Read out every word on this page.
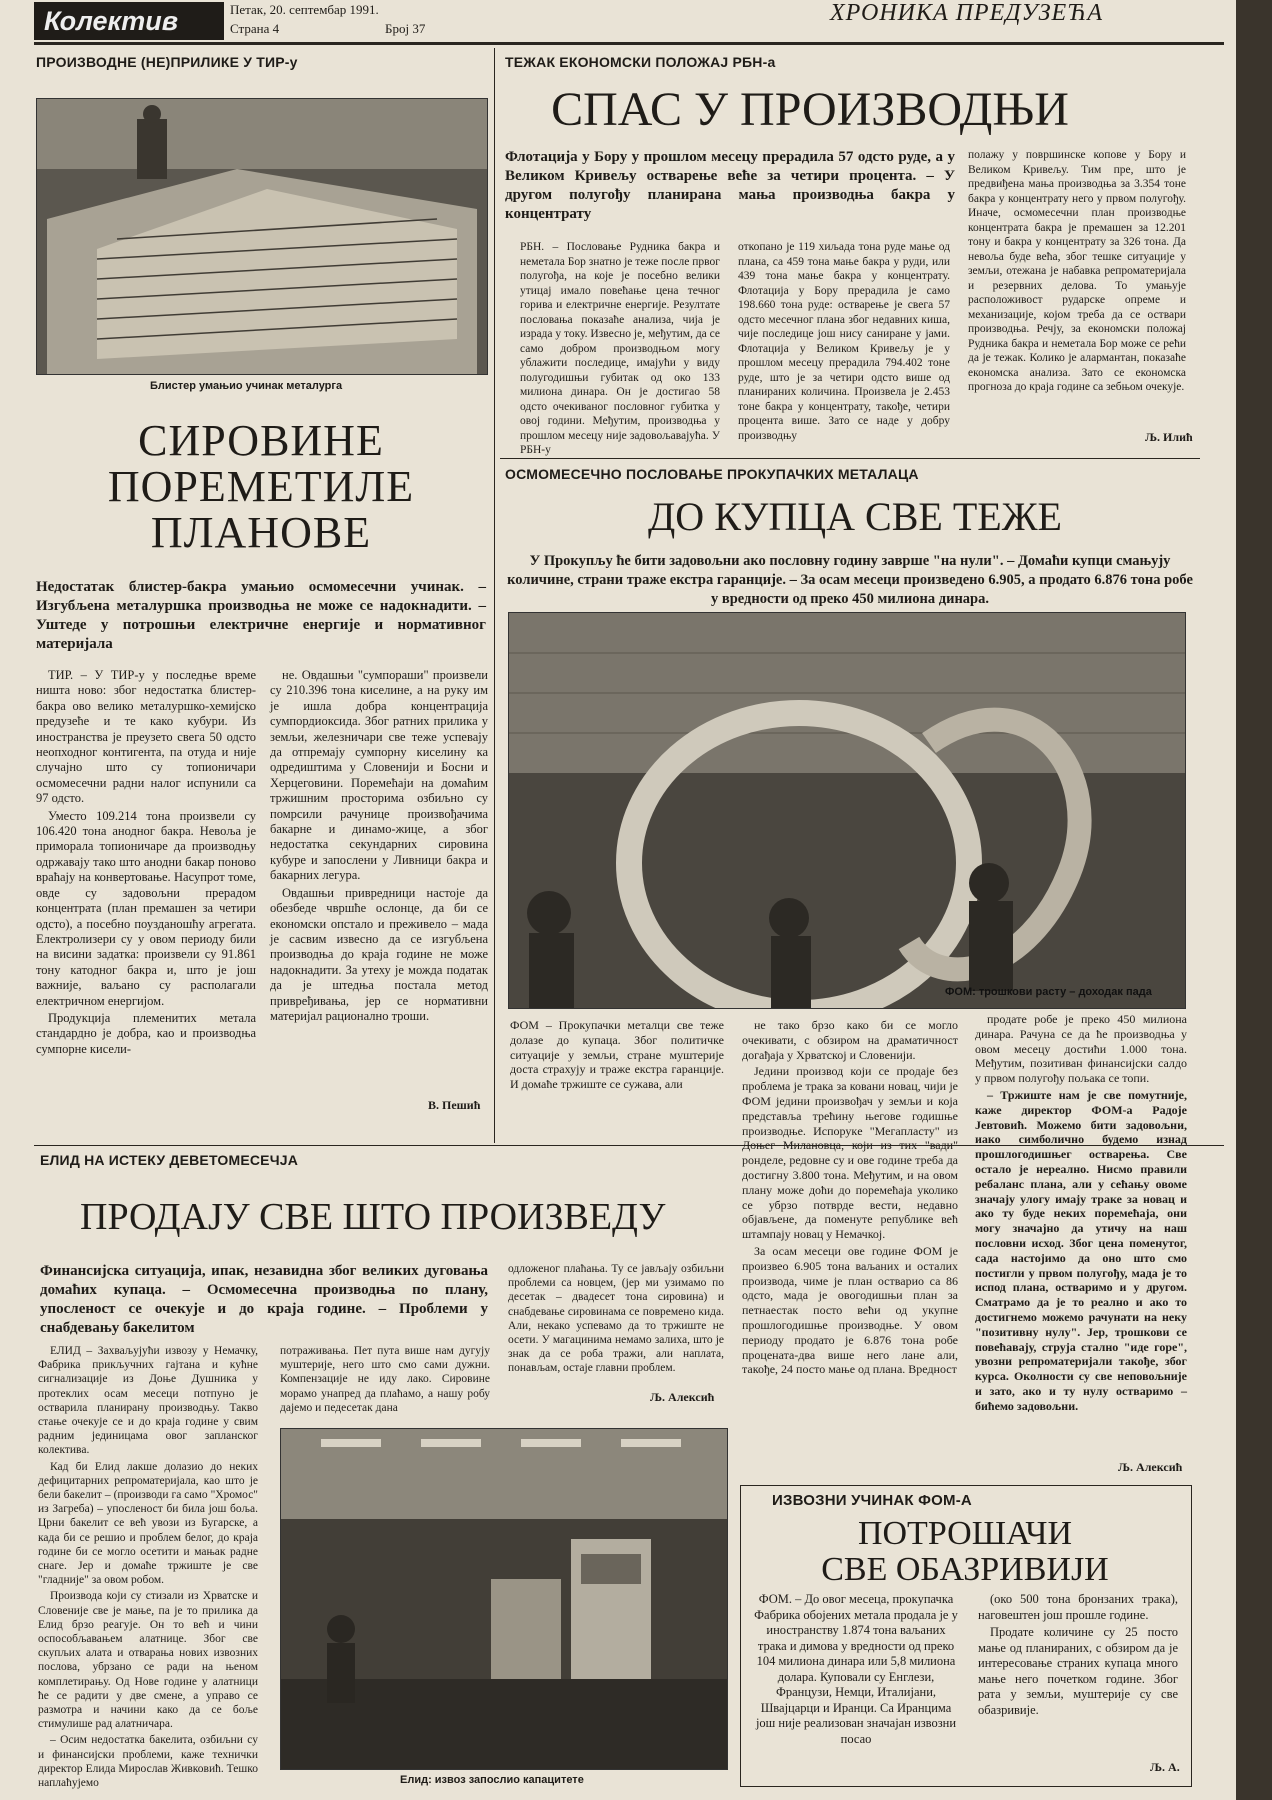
Колектив	Петак, 20. септембар 1991.
Страна 4	Број 37
ХРОНИКА ПРЕДУЗЕЋА
ПРОИЗВОДНЕ (НЕ)ПРИЛИКЕ У ТИР-у
Блистер умањио учинак металурга
СИРОВИНЕ
ПОРЕМЕТИЛЕ
ПЛАНОВЕ
Недостатак блистер-бакра умањио осмомесечни учинак. – Изгубљена металуршка производња не може се надокнадити. – Уштеде у потрошњи електричне енергије и нормативног материјала

ТИР. – У ТИР-у у последње време ништа ново: због недостатка блистер-бакра ово велико металуршко-хемијско предузеће и те како кубури. Из иностранства је преузето свега 50 одсто неопходног контигента, па отуда и није случајно што су топионичари осмомесечни радни налог испунили са 97 одсто.

Уместо 109.214 тона произвели су 106.420 тона анодног бакра. Невоља је приморала топионичаре да производњу одржавају тако што анодни бакар поново враћају на конвертовање. Насупрот томе, овде су задовољни прерадом концентрата (план премашен за четири одсто), а посебно поузданошћу агрегата. Електролизери су у овом периоду били на висини задатка: произвели су 91.861 тону катодног бакра и, што је још важније, ваљано су располагали електричном енергијом.

Продукција племенитих метала стандардно је добра, као и производња сумпорне кисели-

не. Овдашњи "сумпораши" произвели су 210.396 тона киселине, а на руку им је ишла добра концентрација сумпордиоксида. Због ратних прилика у земљи, железничари све теже успевају да отпремају сумпорну киселину ка одредиштима у Словенији и Босни и Херцеговини. Поремећаји на домаћим тржишним просторима озбиљно су помрсили рачунице произвођачима бакарне и динамо-жице, а због недостатка секундарних сировина кубуре и запослени у Ливници бакра и бакарних легура.

Овдашњи привредници настоје да обезбеде чвршће ослонце, да би се економски опстало и преживело – мада је сасвим извесно да се изгубљена производња до краја године не може надокнадити. За утеху је можда податак да је штедња постала метод привређивања, јер се нормативни материјал рационално троши.

В. Пешић
ТЕЖАК ЕКОНОМСКИ ПОЛОЖАЈ РБН-а
СПАС У ПРОИЗВОДЊИ
Флотација у Бору у прошлом месецу прерадила 57 одсто руде, а у Великом Кривељу остварење веће за четири процента. – У другом полугођу планирана мања производња бакра у концентрату
РБН. – Пословање Рудника бакра и неметала Бор знатно је теже после првог полугођа, на које је посебно велики утицај имало повећање цена течног горива и електричне енергије. Резултате пословања показаће анализа, чија је израда у току. Извесно је, међутим, да се само добром производњом могу ублажити последице, имајући у виду полугодишњи губитак од око 133 милиона динара. Он је достигао 58 одсто очекиваног пословног губитка у овој години. Међутим, производња у прошлом месецу није задовољавајућа. У РБН-у
откопано је 119 хиљада тона руде мање од плана, са 459 тона мање бакра у руди, или 439 тона мање бакра у концентрату. Флотација у Бору прерадила је само 198.660 тона руде: остварење је свега 57 одсто месечног плана због недавних киша, чије последице још нису саниране у јами. Флотација у Великом Кривељу је у прошлом месецу прерадила 794.402 тоне руде, што је за четири одсто више од планираних количина. Произвела је 2.453 тоне бакра у концентрату, такође, четири процента више. Зато се наде у добру производњу
полажу у површинске копове у Бору и Великом Кривељу. Тим пре, што је предвиђена мања производња за 3.354 тоне бакра у концентрату него у првом полугођу. Иначе, осмомесечни план производње концентрата бакра је премашен за 12.201 тону и бакра у концентрату за 326 тона. Да невоља буде већа, због тешке ситуације у земљи, отежана је набавка репроматеријала и резервних делова. То умањује расположивост рударске опреме и механизације, којом треба да се оствари производња. Речју, за економски положај Рудника бакра и неметала Бор може се рећи да је тежак. Колико је алармантан, показаће економска анализа. Зато се економска прогноза до краја године са зебњом очекује.
Љ. Илић
ОСМОМЕСЕЧНО ПОСЛОВАЊЕ ПРОКУПАЧКИХ МЕТАЛАЦА
ДО КУПЦА СВЕ ТЕЖЕ
У Прокупљу ће бити задовољни ако пословну годину заврше "на нули". – Домаћи купци смањују количине, страни траже екстра гаранције. – За осам месеци произведено 6.905, а продато 6.876 тона робе у вредности од преко 450 милиона динара.
ФОМ: трошкови расту – доходак пада
ФОМ – Прокупачки металци све теже долазе до купаца. Због политичке ситуације у земљи, стране муштерије доста страхују и траже екстра гаранције. И домаће тржиште се сужава, али

не тако брзо како би се могло очекивати, с обзиром на драматичност догађаја у Хрватској и Словенији.

Једини производ који се продаје без проблема је трака за ковани новац, чији је ФОМ једини произвођач у земљи и која представља трећину његове годишње производње. Испорукe "Мегапласту" из Доњег Милановца, који из тих "вади" ронделе, редовне су и ове године треба да достигну 3.800 тона. Међутим, и на овом плану може доћи до поремећаја уколико се убрзо потврде вести, недавно објављене, да поменуте републике већ штампају новац у Немачкој.

За осам месеци ове године ФОМ је произвео 6.905 тона ваљаних и осталих производа, чиме је план остварио са 86 одсто, мада је овогодишњи план за петнаестак посто већи од укупне прошлогодишње производње. У овом периоду продато је 6.876 тона робе процената-два више него лане али, такође, 24 посто мање од плана. Вредност

продате робе је преко 450 милиона динара. Рачуна се да ће производња у овом месецу достићи 1.000 тона. Међутим, позитиван финансијски салдо у првом полугођу пољака се топи.

– Тржиште нам је све помутније, каже директор ФОМ-а Радоје Јевтовић. Можемо бити задовољни, иако симболично будемо изнад прошлогодишњег остварења. Све остало је нереално. Нисмо правили ребаланс плана, али у сећању овоме значају улогу имају траке за новац и ако ту буде неких поремећаја, они могу значајно да утичу на наш пословни исход. Због цена поменутог, сада настојимо да оно што смо постигли у првом полугођу, мада је то испод плана, остваримо и у другом. Сматрамо да је то реално и ако то достигнемо можемо рачунати на неку "позитивну нулу". Јер, трошкови се повећавају, струја стално "иде горе", увозни репроматеријали такође, због курса. Околности су све неповољније и зато, ако и ту нулу остваримо – бићемо задовољни.

Љ. Алексић
ЕЛИД НА ИСТЕКУ ДЕВЕТОМЕСЕЧЈА
ПРОДАЈУ СВЕ ШТО ПРОИЗВЕДУ
Финансијска ситуација, ипак, незавидна због великих дуговања домаћих купаца. – Осмомесечна производња по плану, упосленост се очекује и до краја године. – Проблеми у снабдевању бакелитом

ЕЛИД – Захваљујући извозу у Немачку, Фабрика прикључних гајтана и кућне сигнализације из Доње Душника у протеклих осам месеци потпуно је остварила планирану производњу. Такво стање очекује се и до краја године у свим радним јединицама овог запланског колектива.

Кад би Елид лакше долазио до неких дефицитарних репроматеријала, као што је бели бакелит – (производи га само "Хромос" из Загреба) – упосленост би била још боља. Црни бакелит се већ увози из Бугарске, а када би се решио и проблем белог, до краја године би се могло осетити и мањак радне снаге. Јер и домаће тржиште је све "гладније" за овом робом.

Производа који су стизали из Хрватске и Словеније све је мање, па је то прилика да Елид брзо реагује. Он то већ и чини оспособљавањем алатнице. Због све скупљих алата и отварања нових извозних послова, убрзано се ради на њеном комплетирању. Од Нове године у алатници ће се радити у две смене, а управо се размотра и начини како да се боље стимулише рад алатничара.

– Осим недостатка бакелита, озбиљни су и финансијски проблеми, каже технички директор Елида Мирослав Живковић. Тешко наплаћујемо

потраживања. Пет пута више нам дугују муштерије, него што смо сами дужни. Компензације не иду лако. Сировине морамо унапред да плаћамо, а нашу робу дајемо и педесетак дана
одложеног плаћања. Ту се јављају озбиљни проблеми са новцем, (јер ми узимамо по десетак – двадесет тона сировина) и снабдевање сировинама се повремено кида. Али, некако успевамо да то тржиште не осети. У магацинима немамо залиха, што је знак да се роба тражи, али наплата, понављам, остаје главни проблем.
Љ. Алексић
Елид: извоз запослио капацитете
ИЗВОЗНИ УЧИНАК ФОМ-А
ПОТРОШАЧИ
СВЕ ОБАЗРИВИЈИ
ФОМ. – До овог месеца, прокупачка Фабрика обојених метала продала је у иностранству 1.874 тона ваљаних трака и димова у вредности од преко 104 милиона динара или 5,8 милиона долара. Куповали су Енглези, Французи, Немци, Италијани, Швајцарци и Иранци. Са Иранцима још није реализован значајан извозни посао

(око 500 тона бронзаних трака), наговештен још прошле године.

Продате количине су 25 посто мање од планираних, с обзиром да је интересовање страних купаца много мање него почетком године. Због рата у земљи, муштерије су све обазривије.

Љ. А.
